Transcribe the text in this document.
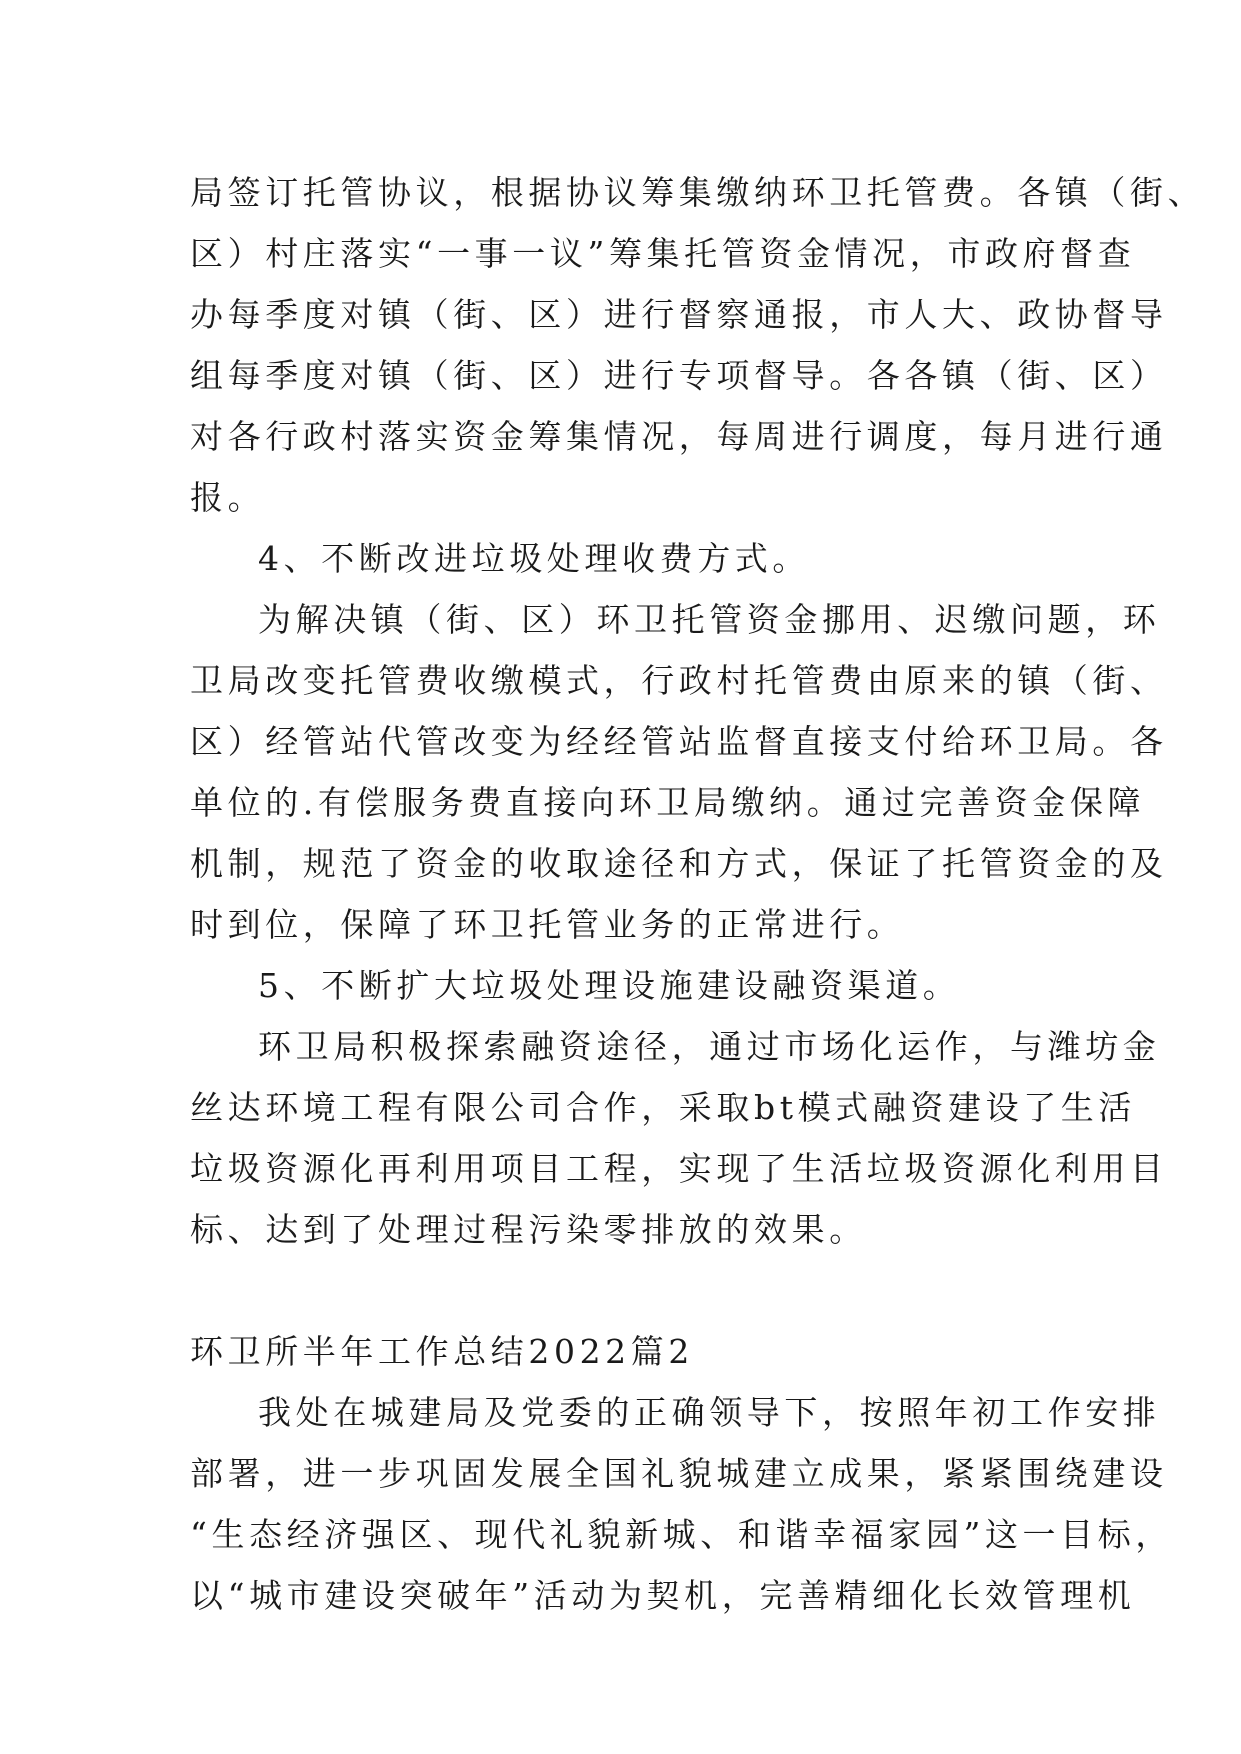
局签订托管协议，根据协议筹集缴纳环卫托管费。各镇（街、
区）村庄落实“一事一议”筹集托管资金情况，市政府督查
办每季度对镇（街、区）进行督察通报，市人大、政协督导
组每季度对镇（街、区）进行专项督导。各各镇（街、区）
对各行政村落实资金筹集情况，每周进行调度，每月进行通
报。
4、不断改进垃圾处理收费方式。
为解决镇（街、区）环卫托管资金挪用、迟缴问题，环
卫局改变托管费收缴模式，行政村托管费由原来的镇（街、
区）经管站代管改变为经经管站监督直接支付给环卫局。各
单位的.有偿服务费直接向环卫局缴纳。通过完善资金保障
机制，规范了资金的收取途径和方式，保证了托管资金的及
时到位，保障了环卫托管业务的正常进行。
5、不断扩大垃圾处理设施建设融资渠道。
环卫局积极探索融资途径，通过市场化运作，与潍坊金
丝达环境工程有限公司合作，采取bt模式融资建设了生活
垃圾资源化再利用项目工程，实现了生活垃圾资源化利用目
标、达到了处理过程污染零排放的效果。
环卫所半年工作总结2022篇2
我处在城建局及党委的正确领导下，按照年初工作安排
部署，进一步巩固发展全国礼貌城建立成果，紧紧围绕建设
“生态经济强区、现代礼貌新城、和谐幸福家园”这一目标，
以“城市建设突破年”活动为契机，完善精细化长效管理机
